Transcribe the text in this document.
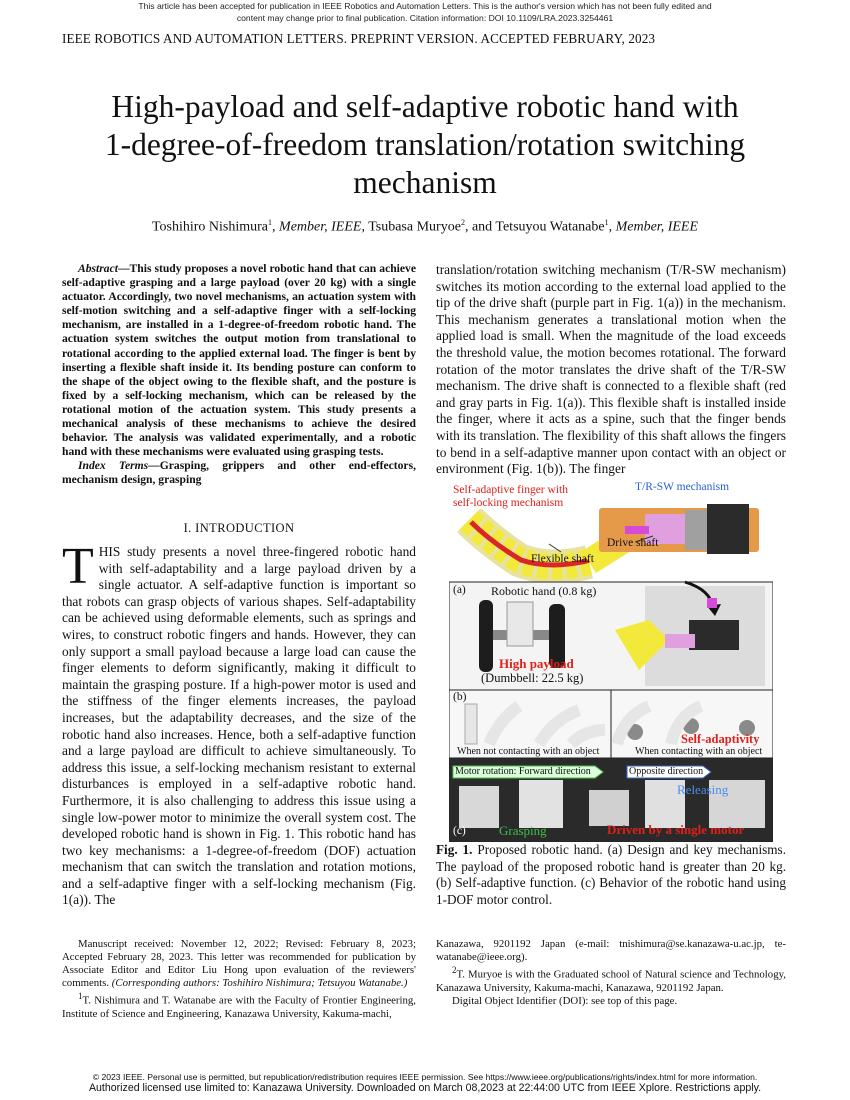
This article has been accepted for publication in IEEE Robotics and Automation Letters. This is the author's version which has not been fully edited and
content may change prior to final publication. Citation information: DOI 10.1109/LRA.2023.3254461
IEEE ROBOTICS AND AUTOMATION LETTERS. PREPRINT VERSION. ACCEPTED FEBRUARY, 2023
High-payload and self-adaptive robotic hand with
1-degree-of-freedom translation/rotation switching
mechanism
Toshihiro Nishimura$^1$, Member, IEEE, Tsubasa Muryoe$^2$, and Tetsuyou Watanabe$^1$, Member, IEEE

Abstract—This study proposes a novel robotic hand that can achieve self-adaptive grasping and a large payload (over 20 kg) with a single actuator. Accordingly, two novel mechanisms, an actuation system with self-motion switching and a self-adaptive finger with a self-locking mechanism, are installed in a 1-degree-of-freedom robotic hand. The actuation system switches the output motion from translational to rotational according to the applied external load. The finger is bent by inserting a flexible shaft inside it. Its bending posture can conform to the shape of the object owing to the flexible shaft, and the posture is fixed by a self-locking mechanism, which can be released by the rotational motion of the actuation system. This study presents a mechanical analysis of these mechanisms to achieve the desired behavior. The analysis was validated experimentally, and a robotic hand with these mechanisms were evaluated using grasping tests.

Index Terms—Grasping, grippers and other end-effectors, mechanism design, grasping

I. INTRODUCTION

THIS study presents a novel three-fingered robotic hand with self-adaptability and a large payload driven by a single actuator. A self-adaptive function is important so that robots can grasp objects of various shapes. Self-adaptability can be achieved using deformable elements, such as springs and wires, to construct robotic fingers and hands. However, they can only support a small payload because a large load can cause the finger elements to deform significantly, making it difficult to maintain the grasping posture. If a high-power motor is used and the stiffness of the finger elements increases, the payload increases, but the adaptability decreases, and the size of the robotic hand also increases. Hence, both a self-adaptive function and a large payload are difficult to achieve simultaneously. To address this issue, a self-locking mechanism resistant to external disturbances is employed in a self-adaptive robotic hand. Furthermore, it is also challenging to address this issue using a single low-power motor to minimize the overall system cost. The developed robotic hand is shown in Fig. 1. This robotic hand has two key mechanisms: a 1-degree-of-freedom (DOF) actuation mechanism that can switch the translation and rotation motions, and a self-adaptive finger with a self-locking mechanism (Fig. 1(a)). The

translation/rotation switching mechanism (T/R-SW mechanism) switches its motion according to the external load applied to the tip of the drive shaft (purple part in Fig. 1(a)) in the mechanism. This mechanism generates a translational motion when the applied load is small. When the magnitude of the load exceeds the threshold value, the motion becomes rotational. The forward rotation of the motor translates the drive shaft of the T/R-SW mechanism. The drive shaft is connected to a flexible shaft (red and gray parts in Fig. 1(a)). This flexible shaft is installed inside the finger, where it acts as a spine, such that the finger bends with its translation. The flexibility of this shaft allows the fingers to bend in a self-adaptive manner upon contact with an object or environment (Fig. 1(b)). The finger

Self-adaptive finger with
self-locking mechanism
T/R-SW mechanism
Drive shaft
Flexible shaft
(a) Robotic hand (0.8 kg)
High payload
(Dumbbell: 22.5 kg)
(b)
When not contacting with an object	When contacting with an object
Self-adaptivity
Motor rotation: Forward direction	Opposite direction
Releasing
(c)	Grasping	Driven by a single motor

Fig. 1. Proposed robotic hand. (a) Design and key mechanisms. The payload of the proposed robotic hand is greater than 20 kg. (b) Self-adaptive function. (c) Behavior of the robotic hand using 1-DOF motor control.

Manuscript received: November 12, 2022; Revised: February 8, 2023; Accepted February 28, 2023. This letter was recommended for publication by Associate Editor and Editor Liu Hong upon evaluation of the reviewers' comments. (Corresponding authors: Toshihiro Nishimura; Tetsuyou Watanabe.)

$^1$T. Nishimura and T. Watanabe are with the Faculty of Frontier Engineering, Institute of Science and Engineering, Kanazawa University, Kakuma-machi,

Kanazawa, 9201192 Japan (e-mail: tnishimura@se.kanazawa-u.ac.jp, te-watanabe@ieee.org).

$^2$T. Muryoe is with the Graduated school of Natural science and Technology, Kanazawa University, Kakuma-machi, Kanazawa, 9201192 Japan.

Digital Object Identifier (DOI): see top of this page.

© 2023 IEEE. Personal use is permitted, but republication/redistribution requires IEEE permission. See https://www.ieee.org/publications/rights/index.html for more information.
Authorized licensed use limited to: Kanazawa University. Downloaded on March 08,2023 at 22:44:00 UTC from IEEE Xplore. Restrictions apply.
